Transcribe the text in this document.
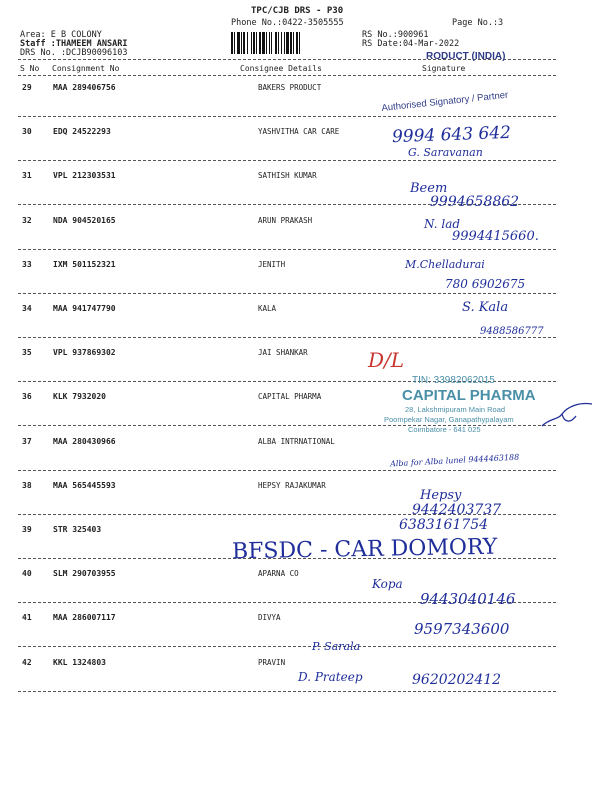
TPC/CJB DRS - P30
Phone No.:0422-3505555	Page No.:3
Area: E B COLONY
Staff :THAMEEM ANSARI
DRS No. :DCJB90096103
RS No.:900961
RS Date:04-Mar-2022
S No Consignment No	Consignee Details	Signature
29	MAA 289406756	BAKERS PRODUCT
30	EDQ 24522293	YASHVITHA CAR CARE
31	VPL 212303531	SATHISH KUMAR
32	NDA 904520165	ARUN PRAKASH
33	IXM 501152321	JENITH
34	MAA 941747790	KALA
35	VPL 937869302	JAI SHANKAR
36	KLK 7932020	CAPITAL PHARMA
37	MAA 280430966	ALBA INTRNATIONAL
38	MAA 565445593	HEPSY RAJAKUMAR
39	STR 325403
40	SLM 290703955	APARNA CO
41	MAA 286007117	DIVYA
42	KKL 1324803	PRAVIN
RODUCT (INDIA)
Authorised Signatory / Partner
9994 643 642
G. Saravanan
Beem
9994658862
N. lad
9994415660.
M.Chelladurai
780 6902675
S. Kala
9488586777
D/L
TIN: 33982062015
CAPITAL PHARMA
28, Lakshmipuram Main Road
Poompekar Nagar, Ganapathypalayam
Coimbatore - 641 025
Alba for Alba lunel 9444463188
Hepsy
9442403737
6383161754
BFSDC - CAR DOMORY
Kopa
9443040146
9597343600
P. Sarala
D. Prateep	9620202412
